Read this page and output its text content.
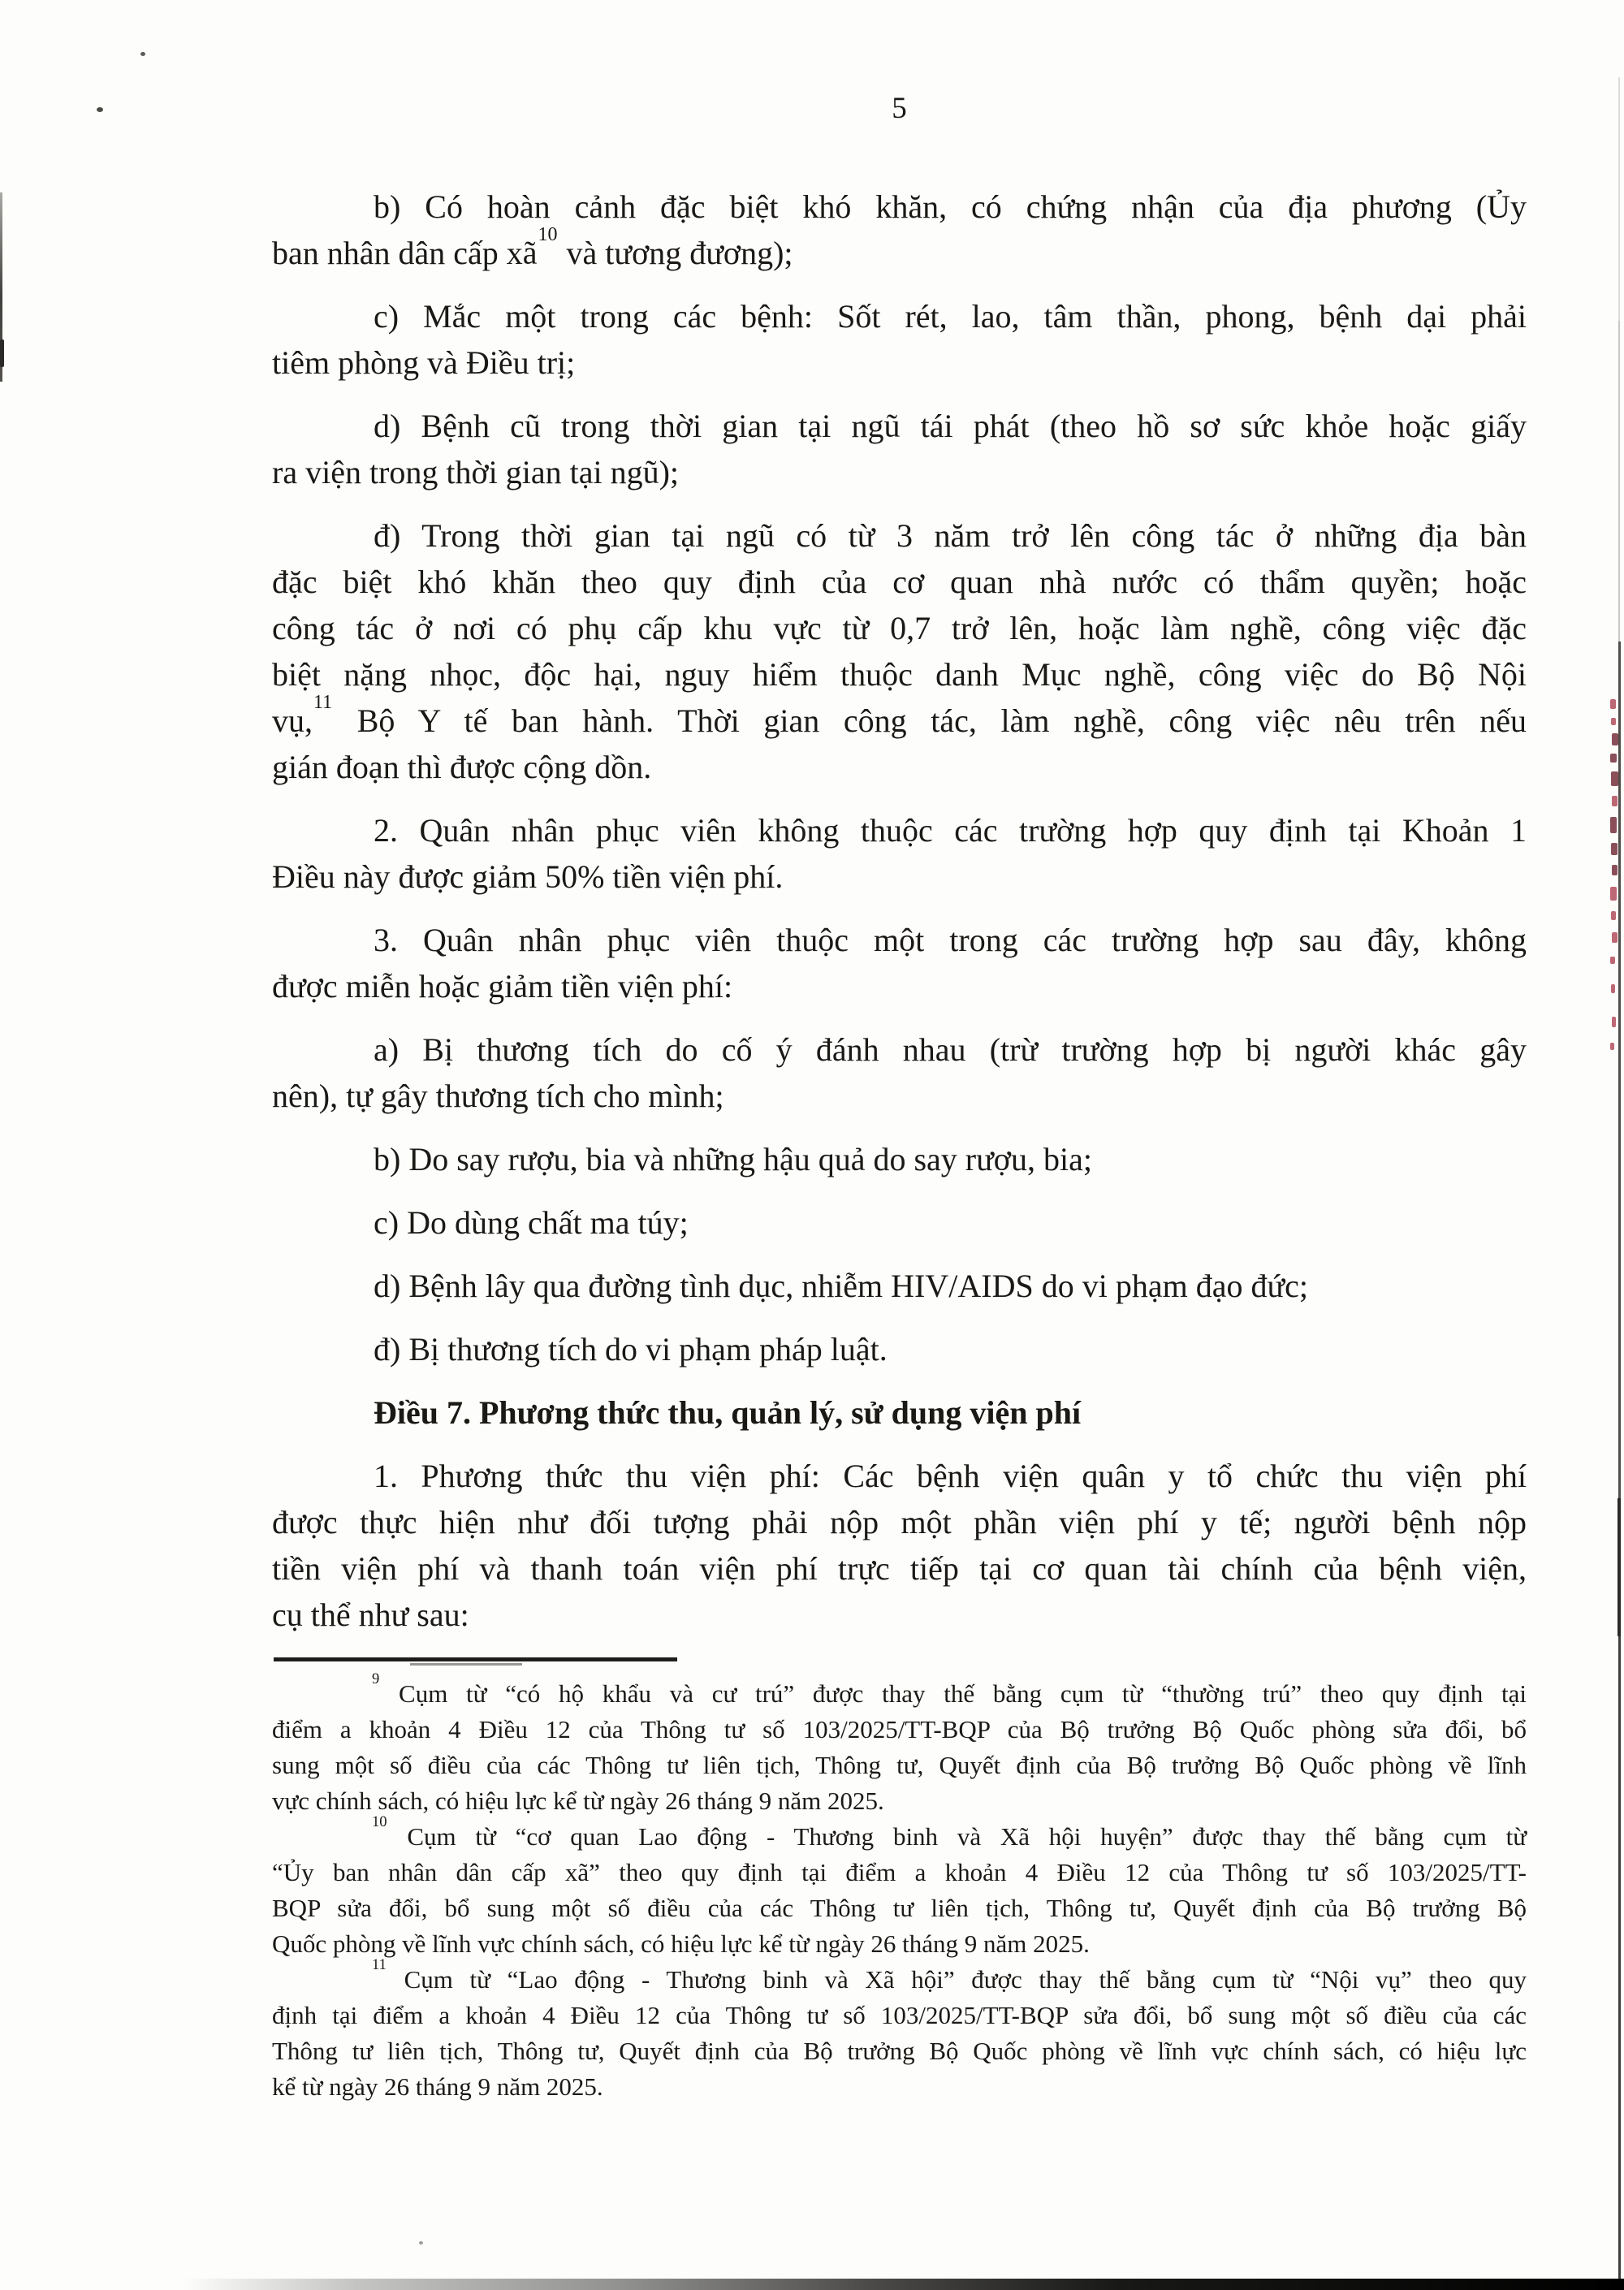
5
b) Có hoàn cảnh đặc biệt khó khăn, có chứng nhận của địa phương (Ủy
ban nhân dân cấp xã$^{10}$ và tương đương);
c) Mắc một trong các bệnh: Sốt rét, lao, tâm thần, phong, bệnh dại phải
tiêm phòng và Điều trị;
d) Bệnh cũ trong thời gian tại ngũ tái phát (theo hồ sơ sức khỏe hoặc giấy
ra viện trong thời gian tại ngũ);
đ) Trong thời gian tại ngũ có từ 3 năm trở lên công tác ở những địa bàn
đặc biệt khó khăn theo quy định của cơ quan nhà nước có thẩm quyền; hoặc
công tác ở nơi có phụ cấp khu vực từ 0,7 trở lên, hoặc làm nghề, công việc đặc
biệt nặng nhọc, độc hại, nguy hiểm thuộc danh Mục nghề, công việc do Bộ Nội
vụ,$^{11}$ Bộ Y tế ban hành. Thời gian công tác, làm nghề, công việc nêu trên nếu
gián đoạn thì được cộng dồn.
2. Quân nhân phục viên không thuộc các trường hợp quy định tại Khoản 1
Điều này được giảm 50% tiền viện phí.
3. Quân nhân phục viên thuộc một trong các trường hợp sau đây, không
được miễn hoặc giảm tiền viện phí:
a) Bị thương tích do cố ý đánh nhau (trừ trường hợp bị người khác gây
nên), tự gây thương tích cho mình;
b) Do say rượu, bia và những hậu quả do say rượu, bia;
c) Do dùng chất ma túy;
d) Bệnh lây qua đường tình dục, nhiễm HIV/AIDS do vi phạm đạo đức;
đ) Bị thương tích do vi phạm pháp luật.
Điều 7. Phương thức thu, quản lý, sử dụng viện phí
1. Phương thức thu viện phí: Các bệnh viện quân y tổ chức thu viện phí
được thực hiện như đối tượng phải nộp một phần viện phí y tế; người bệnh nộp
tiền viện phí và thanh toán viện phí trực tiếp tại cơ quan tài chính của bệnh viện,
cụ thể như sau:
$^9$ Cụm từ “có hộ khẩu và cư trú” được thay thế bằng cụm từ “thường trú” theo quy định tại
điểm a khoản 4 Điều 12 của Thông tư số 103/2025/TT-BQP của Bộ trưởng Bộ Quốc phòng sửa đổi, bổ
sung một số điều của các Thông tư liên tịch, Thông tư, Quyết định của Bộ trưởng Bộ Quốc phòng về lĩnh
vực chính sách, có hiệu lực kể từ ngày 26 tháng 9 năm 2025.
$^{10}$ Cụm từ “cơ quan Lao động - Thương binh và Xã hội huyện” được thay thế bằng cụm từ
“Ủy ban nhân dân cấp xã” theo quy định tại điểm a khoản 4 Điều 12 của Thông tư số 103/2025/TT-
BQP sửa đổi, bổ sung một số điều của các Thông tư liên tịch, Thông tư, Quyết định của Bộ trưởng Bộ
Quốc phòng về lĩnh vực chính sách, có hiệu lực kể từ ngày 26 tháng 9 năm 2025.
$^{11}$ Cụm từ “Lao động - Thương binh và Xã hội” được thay thế bằng cụm từ “Nội vụ” theo quy
định tại điểm a khoản 4 Điều 12 của Thông tư số 103/2025/TT-BQP sửa đổi, bổ sung một số điều của các
Thông tư liên tịch, Thông tư, Quyết định của Bộ trưởng Bộ Quốc phòng về lĩnh vực chính sách, có hiệu lực
kể từ ngày 26 tháng 9 năm 2025.
